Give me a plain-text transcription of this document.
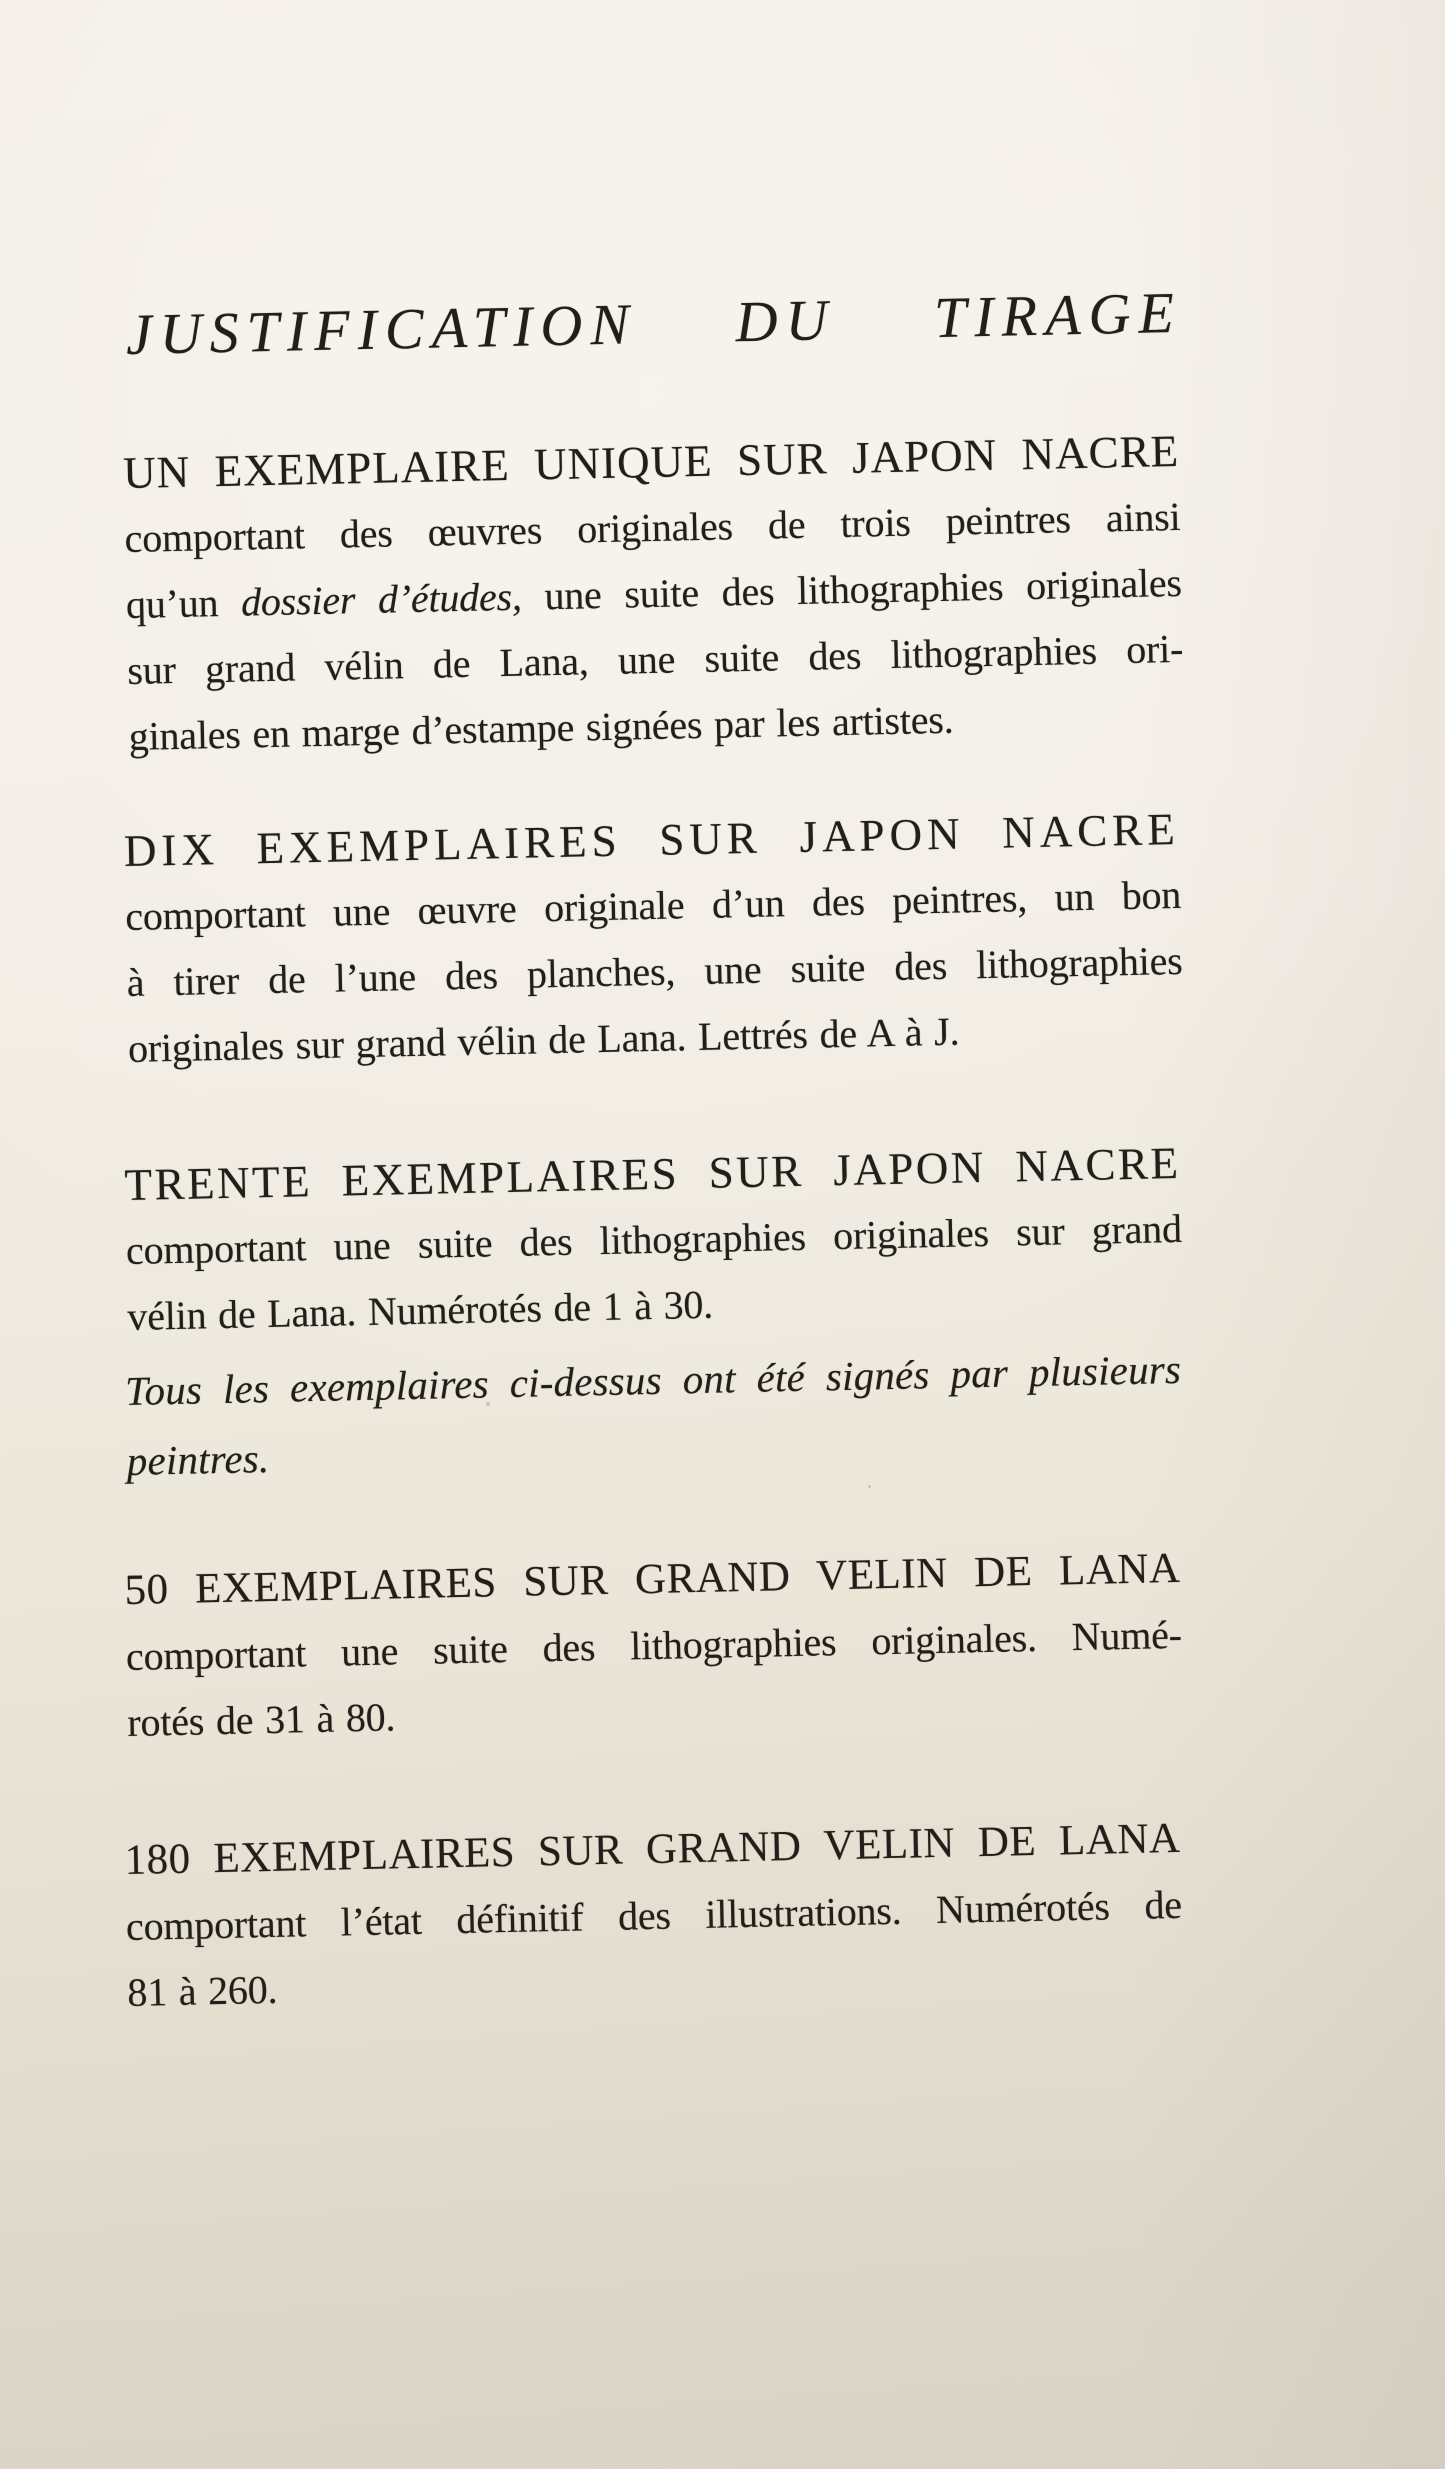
JUSTIFICATION DU TIRAGE
UN EXEMPLAIRE UNIQUE SUR JAPON NACRE
comportant des œuvres originales de trois peintres ainsi
qu’un dossier d’études, une suite des lithographies originales
sur grand vélin de Lana, une suite des lithographies ori-
ginales en marge d’estampe signées par les artistes.
DIX EXEMPLAIRES SUR JAPON NACRE
comportant une œuvre originale d’un des peintres, un bon
à tirer de l’une des planches, une suite des lithographies
originales sur grand vélin de Lana. Lettrés de A à J.
TRENTE EXEMPLAIRES SUR JAPON NACRE
comportant une suite des lithographies originales sur grand
vélin de Lana. Numérotés de 1 à 30.
Tous les exemplaires ci-dessus ont été signés par plusieurs
peintres.
50 EXEMPLAIRES SUR GRAND VELIN DE LANA
comportant une suite des lithographies originales. Numé-
rotés de 31 à 80.
180 EXEMPLAIRES SUR GRAND VELIN DE LANA
comportant l’état définitif des illustrations. Numérotés de
81 à 260.
